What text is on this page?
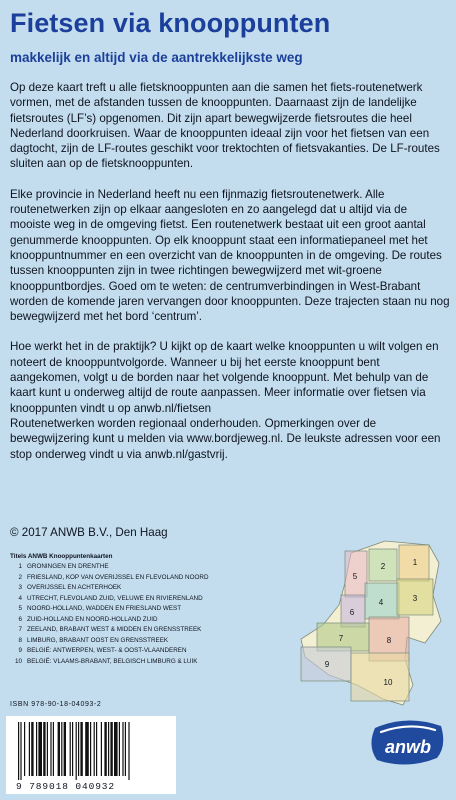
Fietsen via knooppunten
makkelijk en altijd via de aantrekkelijkste weg

Op deze kaart treft u alle fietsknooppunten aan die samen het fiets-routenetwerk vormen, met de afstanden tussen de knooppunten. Daarnaast zijn de landelijke fietsroutes (LF’s) opgenomen. Dit zijn apart bewegwijzerde fietsroutes die heel Nederland doorkruisen. Waar de knooppunten ideaal zijn voor het fietsen van een dagtocht, zijn de LF-routes geschikt voor trektochten of fietsvakanties. De LF-routes sluiten aan op de fietsknooppunten.

Elke provincie in Nederland heeft nu een fijnmazig fietsroutenetwerk. Alle routenetwerken zijn op elkaar aangesloten en zo aangelegd dat u altijd via de mooiste weg in de omgeving fietst. Een routenetwerk bestaat uit een groot aantal genummerde knooppunten. Op elk knooppunt staat een informatiepaneel met het knooppuntnummer en een overzicht van de knooppunten in de omgeving. De routes tussen knooppunten zijn in twee richtingen bewegwijzerd met wit-groene knooppuntbordjes. Goed om te weten: de centrumverbindingen in West-Brabant worden de komende jaren vervangen door knooppunten. Deze trajecten staan nu nog bewegwijzerd met het bord ‘centrum’.

Hoe werkt het in de praktijk? U kijkt op de kaart welke knooppunten u wilt volgen en noteert de knooppuntvolgorde. Wanneer u bij het eerste knooppunt bent aangekomen, volgt u de borden naar het volgende knooppunt. Met behulp van de kaart kunt u onderweg altijd de route aanpassen. Meer informatie over fietsen via knooppunten vindt u op anwb.nl/fietsen

Routenetwerken worden regionaal onderhouden. Opmerkingen over de bewegwijzering kunt u melden via www.bordjeweg.nl. De leukste adressen voor een stop onderweg vindt u via anwb.nl/gastvrij.

© 2017 ANWB B.V., Den Haag
Titels ANWB Knooppuntenkaarten
1 GRONINGEN EN DRENTHE
2 FRIESLAND, KOP VAN OVERIJSSEL EN FLEVOLAND NOORD
3 OVERIJSSEL EN ACHTERHOEK
4 UTRECHT, FLEVOLAND ZUID, VELUWE EN RIVIERENLAND
5 NOORD-HOLLAND, WADDEN EN FRIESLAND WEST
6 ZUID-HOLLAND EN NOORD-HOLLAND ZUID
7 ZEELAND, BRABANT WEST & MIDDEN EN GRENSSTREEK
8 LIMBURG, BRABANT OOST EN GRENSSTREEK
9 BELGIË: ANTWERPEN, WEST- & OOST-VLAANDEREN
10 BELGIË: VLAAMS-BRABANT, BELGISCH LIMBURG & LUIK
5
2	1
6
4	3
7	8
9
10
ISBN 978-90-18-04093-2
9 789018 040932
anwb
